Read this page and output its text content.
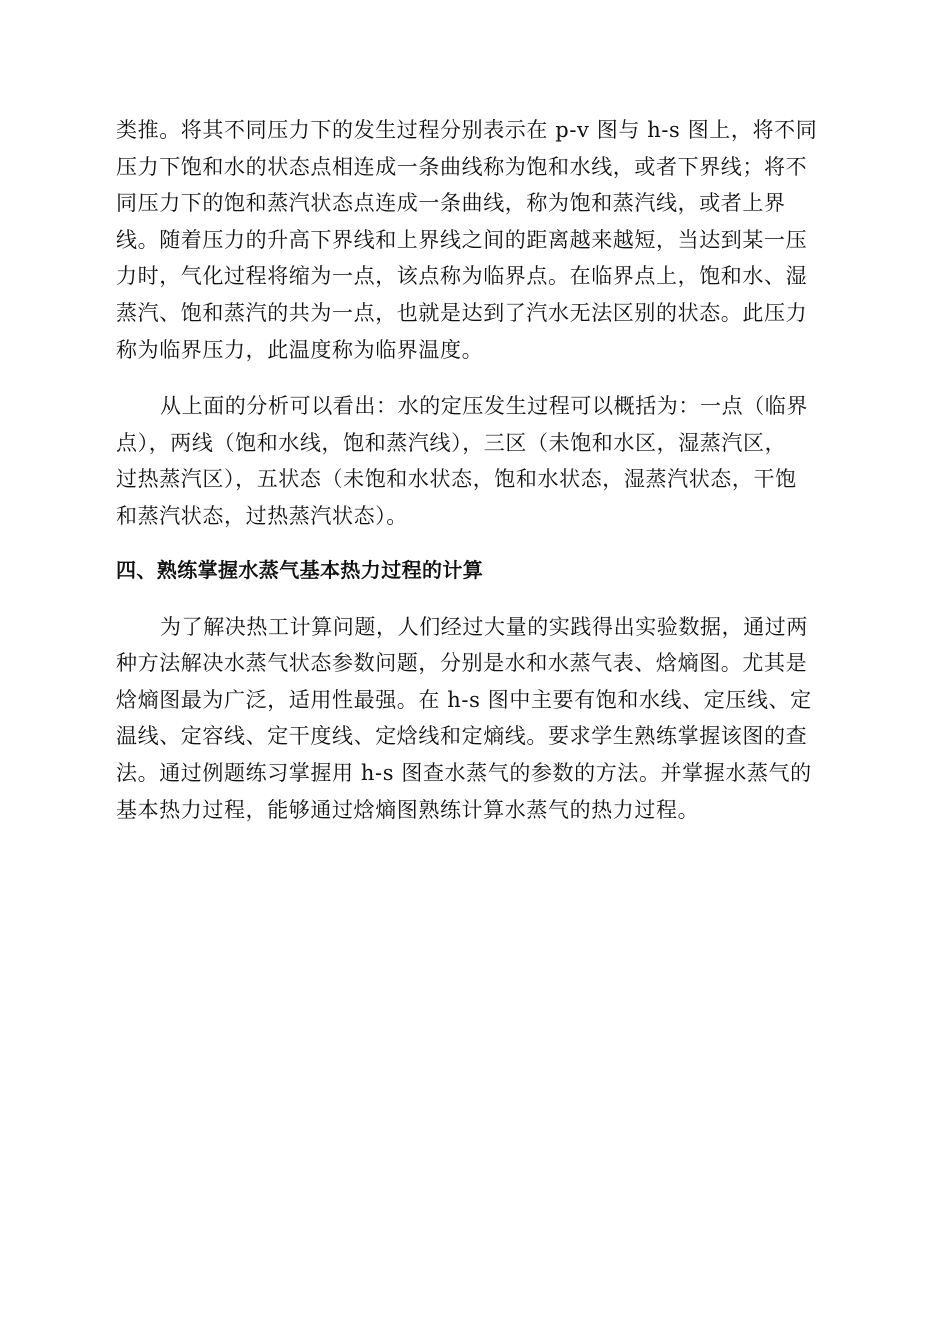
类推。将其不同压力下的发生过程分别表示在 p-v 图与 h-s 图上，将不同
压力下饱和水的状态点相连成一条曲线称为饱和水线，或者下界线；将不
同压力下的饱和蒸汽状态点连成一条曲线，称为饱和蒸汽线，或者上界
线。随着压力的升高下界线和上界线之间的距离越来越短，当达到某一压
力时，气化过程将缩为一点，该点称为临界点。在临界点上，饱和水、湿
蒸汽、饱和蒸汽的共为一点，也就是达到了汽水无法区别的状态。此压力
称为临界压力，此温度称为临界温度。

从上面的分析可以看出：水的定压发生过程可以概括为：一点（临界
点），两线（饱和水线，饱和蒸汽线），三区（未饱和水区，湿蒸汽区，
过热蒸汽区），五状态（未饱和水状态，饱和水状态，湿蒸汽状态，干饱
和蒸汽状态，过热蒸汽状态）。

四、熟练掌握水蒸气基本热力过程的计算

为了解决热工计算问题，人们经过大量的实践得出实验数据，通过两
种方法解决水蒸气状态参数问题，分别是水和水蒸气表、焓熵图。尤其是
焓熵图最为广泛，适用性最强。在 h-s 图中主要有饱和水线、定压线、定
温线、定容线、定干度线、定焓线和定熵线。要求学生熟练掌握该图的查
法。通过例题练习掌握用 h-s 图查水蒸气的参数的方法。并掌握水蒸气的
基本热力过程，能够通过焓熵图熟练计算水蒸气的热力过程。
